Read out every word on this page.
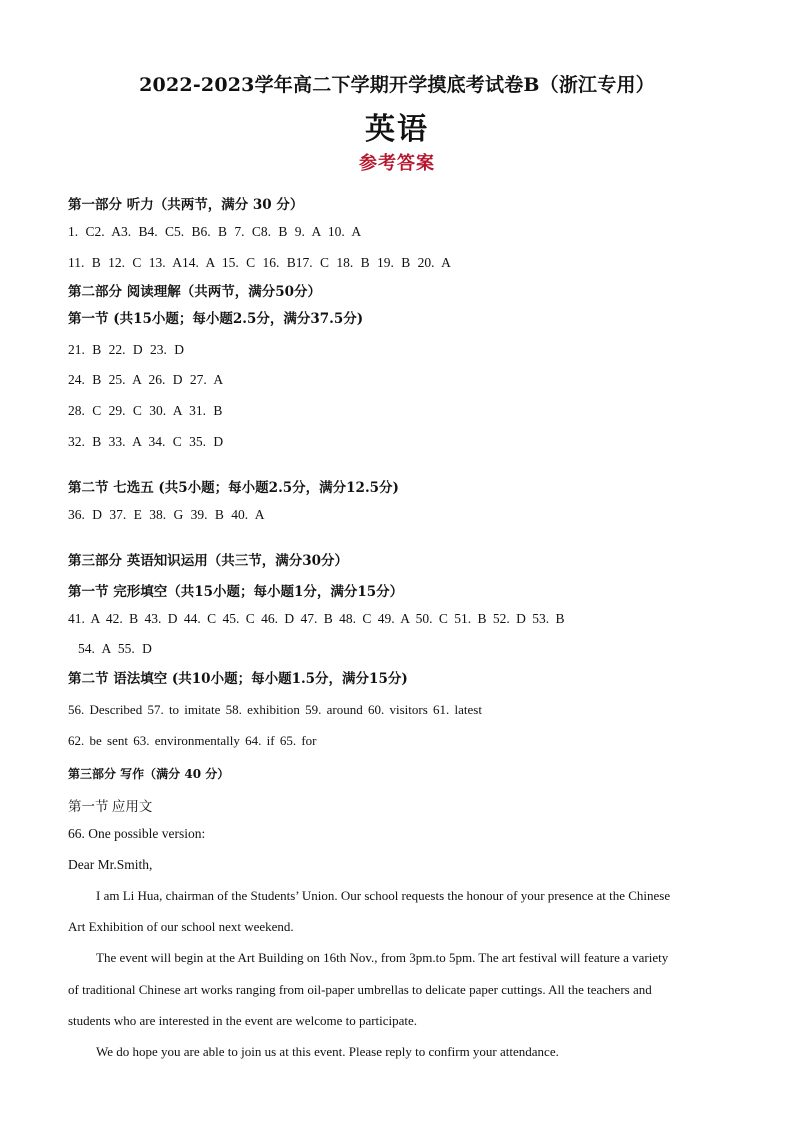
2022-2023学年高二下学期开学摸底考试卷B（浙江专用）
英语
参考答案
第一部分 听力（共两节，满分 30 分）
1. C2. A3. B4. C5. B6. B 7. C8. B 9. A 10. A
11. B 12. C 13. A14. A 15. C 16. B17. C 18. B 19. B 20. A
第二部分 阅读理解（共两节，满分50分）
第一节 (共15小题；每小题2.5分，满分37.5分)
21. B 22. D 23. D
24. B 25. A 26. D 27. A
28. C 29. C 30. A 31. B
32. B 33. A 34. C 35. D
第二节 七选五 (共5小题；每小题2.5分，满分12.5分)
36. D 37. E 38. G 39. B 40. A
第三部分 英语知识运用（共三节，满分30分）
第一节 完形填空（共15小题；每小题1分，满分15分）
41. A 42. B 43. D 44. C 45. C 46. D 47. B 48. C 49. A 50. C 51. B 52. D 53. B
54. A 55. D
第二节 语法填空 (共10小题；每小题1.5分，满分15分)
56. Described 57. to imitate 58. exhibition 59. around 60. visitors 61. latest
62. be sent 63. environmentally 64. if 65. for
第三部分 写作（满分 40 分）
第一节 应用文
66. One possible version:
Dear Mr.Smith,
I am Li Hua, chairman of the Students’ Union. Our school requests the honour of your presence at the Chinese
Art Exhibition of our school next weekend.
The event will begin at the Art Building on 16th Nov., from 3pm.to 5pm. The art festival will feature a variety
of traditional Chinese art works ranging from oil-paper umbrellas to delicate paper cuttings. All the teachers and
students who are interested in the event are welcome to participate.
We do hope you are able to join us at this event. Please reply to confirm your attendance.
